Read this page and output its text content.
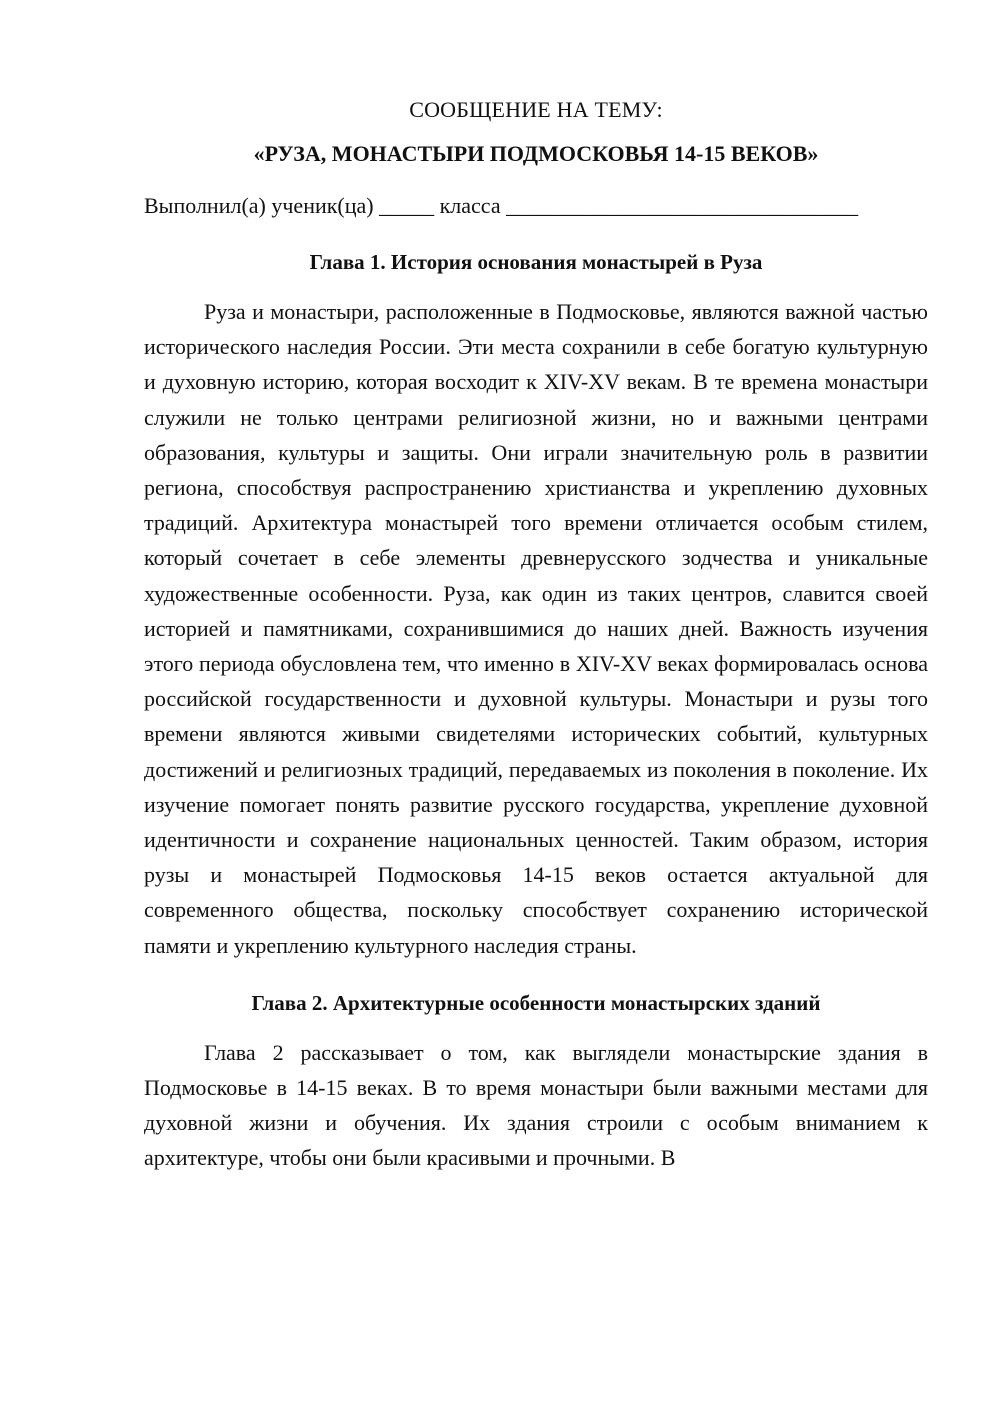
СООБЩЕНИЕ НА ТЕМУ:

«РУЗА, МОНАСТЫРИ ПОДМОСКОВЬЯ 14-15 ВЕКОВ»

Выполнил(а) ученик(ца) _____ класса ________________________________

Глава 1. История основания монастырей в Руза

Руза и монастыри, расположенные в Подмосковье, являются важной частью исторического наследия России. Эти места сохранили в себе богатую культурную и духовную историю, которая восходит к XIV-XV векам. В те времена монастыри служили не только центрами религиозной жизни, но и важными центрами образования, культуры и защиты. Они играли значительную роль в развитии региона, способствуя распространению христианства и укреплению духовных традиций. Архитектура монастырей того времени отличается особым стилем, который сочетает в себе элементы древнерусского зодчества и уникальные художественные особенности. Руза, как один из таких центров, славится своей историей и памятниками, сохранившимися до наших дней. Важность изучения этого периода обусловлена тем, что именно в XIV-XV веках формировалась основа российской государственности и духовной культуры. Монастыри и рузы того времени являются живыми свидетелями исторических событий, культурных достижений и религиозных традиций, передаваемых из поколения в поколение. Их изучение помогает понять развитие русского государства, укрепление духовной идентичности и сохранение национальных ценностей. Таким образом, история рузы и монастырей Подмосковья 14-15 веков остается актуальной для современного общества, поскольку способствует сохранению исторической памяти и укреплению культурного наследия страны.

Глава 2. Архитектурные особенности монастырских зданий

Глава 2 рассказывает о том, как выглядели монастырские здания в Подмосковье в 14-15 веках. В то время монастыри были важными местами для духовной жизни и обучения. Их здания строили с особым вниманием к архитектуре, чтобы они были красивыми и прочными. В
